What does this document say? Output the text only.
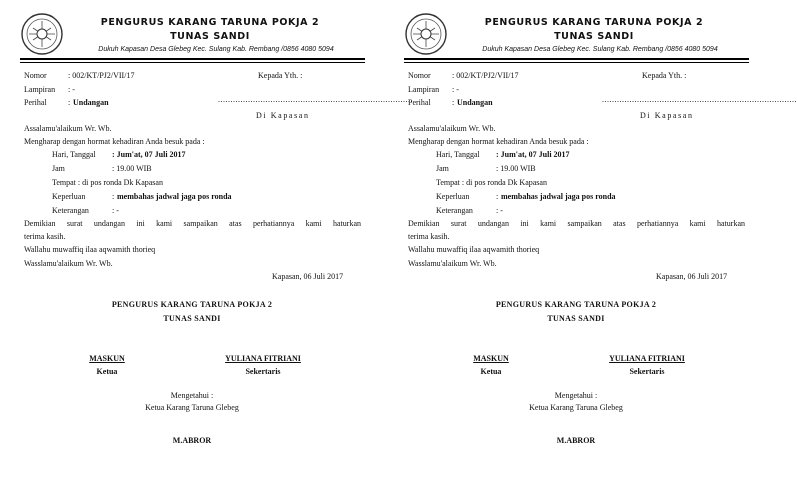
PENGURUS KARANG TARUNA POKJA 2
TUNAS SANDI
Dukuh Kapasan Desa Glebeg Kec. Sulang Kab. Rembang /0856 4080 5094
Nomor	: 002/KT/PJ2/VII/17	Kepada Yth. :
Lampiran : -
Perihal	: Undangan	..............................................................................
Di Kapasan
Assalamu'alaikum Wr. Wb.
Mengharap dengan hormat kehadiran Anda besuk pada :
Hari, Tanggal : Jum'at, 07 Juli 2017
Jam	: 19.00 WIB
Tempat : di pos ronda Dk Kapasan
Keperluan	: membahas jadwal jaga pos ronda
Keterangan	: -
Demikian surat undangan ini kami sampaikan atas perhatiannya kami haturkan
terima kasih.
Wallahu muwaffiq ilaa aqwamith thorieq
Wasslamu'alaikum Wr. Wb.
Kapasan, 06 Juli 2017
PENGURUS KARANG TARUNA POKJA 2
TUNAS SANDI
MASKUN
Ketua
YULIANA FITRIANI
Sekertaris
Mengetahui :
Ketua Karang Taruna Glebeg
M.ABROR
PENGURUS KARANG TARUNA POKJA 2
TUNAS SANDI
Dukuh Kapasan Desa Glebeg Kec. Sulang Kab. Rembang /0856 4080 5094
Nomor	: 002/KT/PJ2/VII/17	Kepada Yth. :
Lampiran : -
Perihal	: Undangan	..............................................................................
Di Kapasan
Assalamu'alaikum Wr. Wb.
Mengharap dengan hormat kehadiran Anda besuk pada :
Hari, Tanggal : Jum'at, 07 Juli 2017
Jam	: 19.00 WIB
Tempat : di pos ronda Dk Kapasan
Keperluan	: membahas jadwal jaga pos ronda
Keterangan	: -
Demikian surat undangan ini kami sampaikan atas perhatiannya kami haturkan
terima kasih.
Wallahu muwaffiq ilaa aqwamith thorieq
Wasslamu'alaikum Wr. Wb.
Kapasan, 06 Juli 2017
PENGURUS KARANG TARUNA POKJA 2
TUNAS SANDI
MASKUN
Ketua
YULIANA FITRIANI
Sekertaris
Mengetahui :
Ketua Karang Taruna Glebeg
M.ABROR
